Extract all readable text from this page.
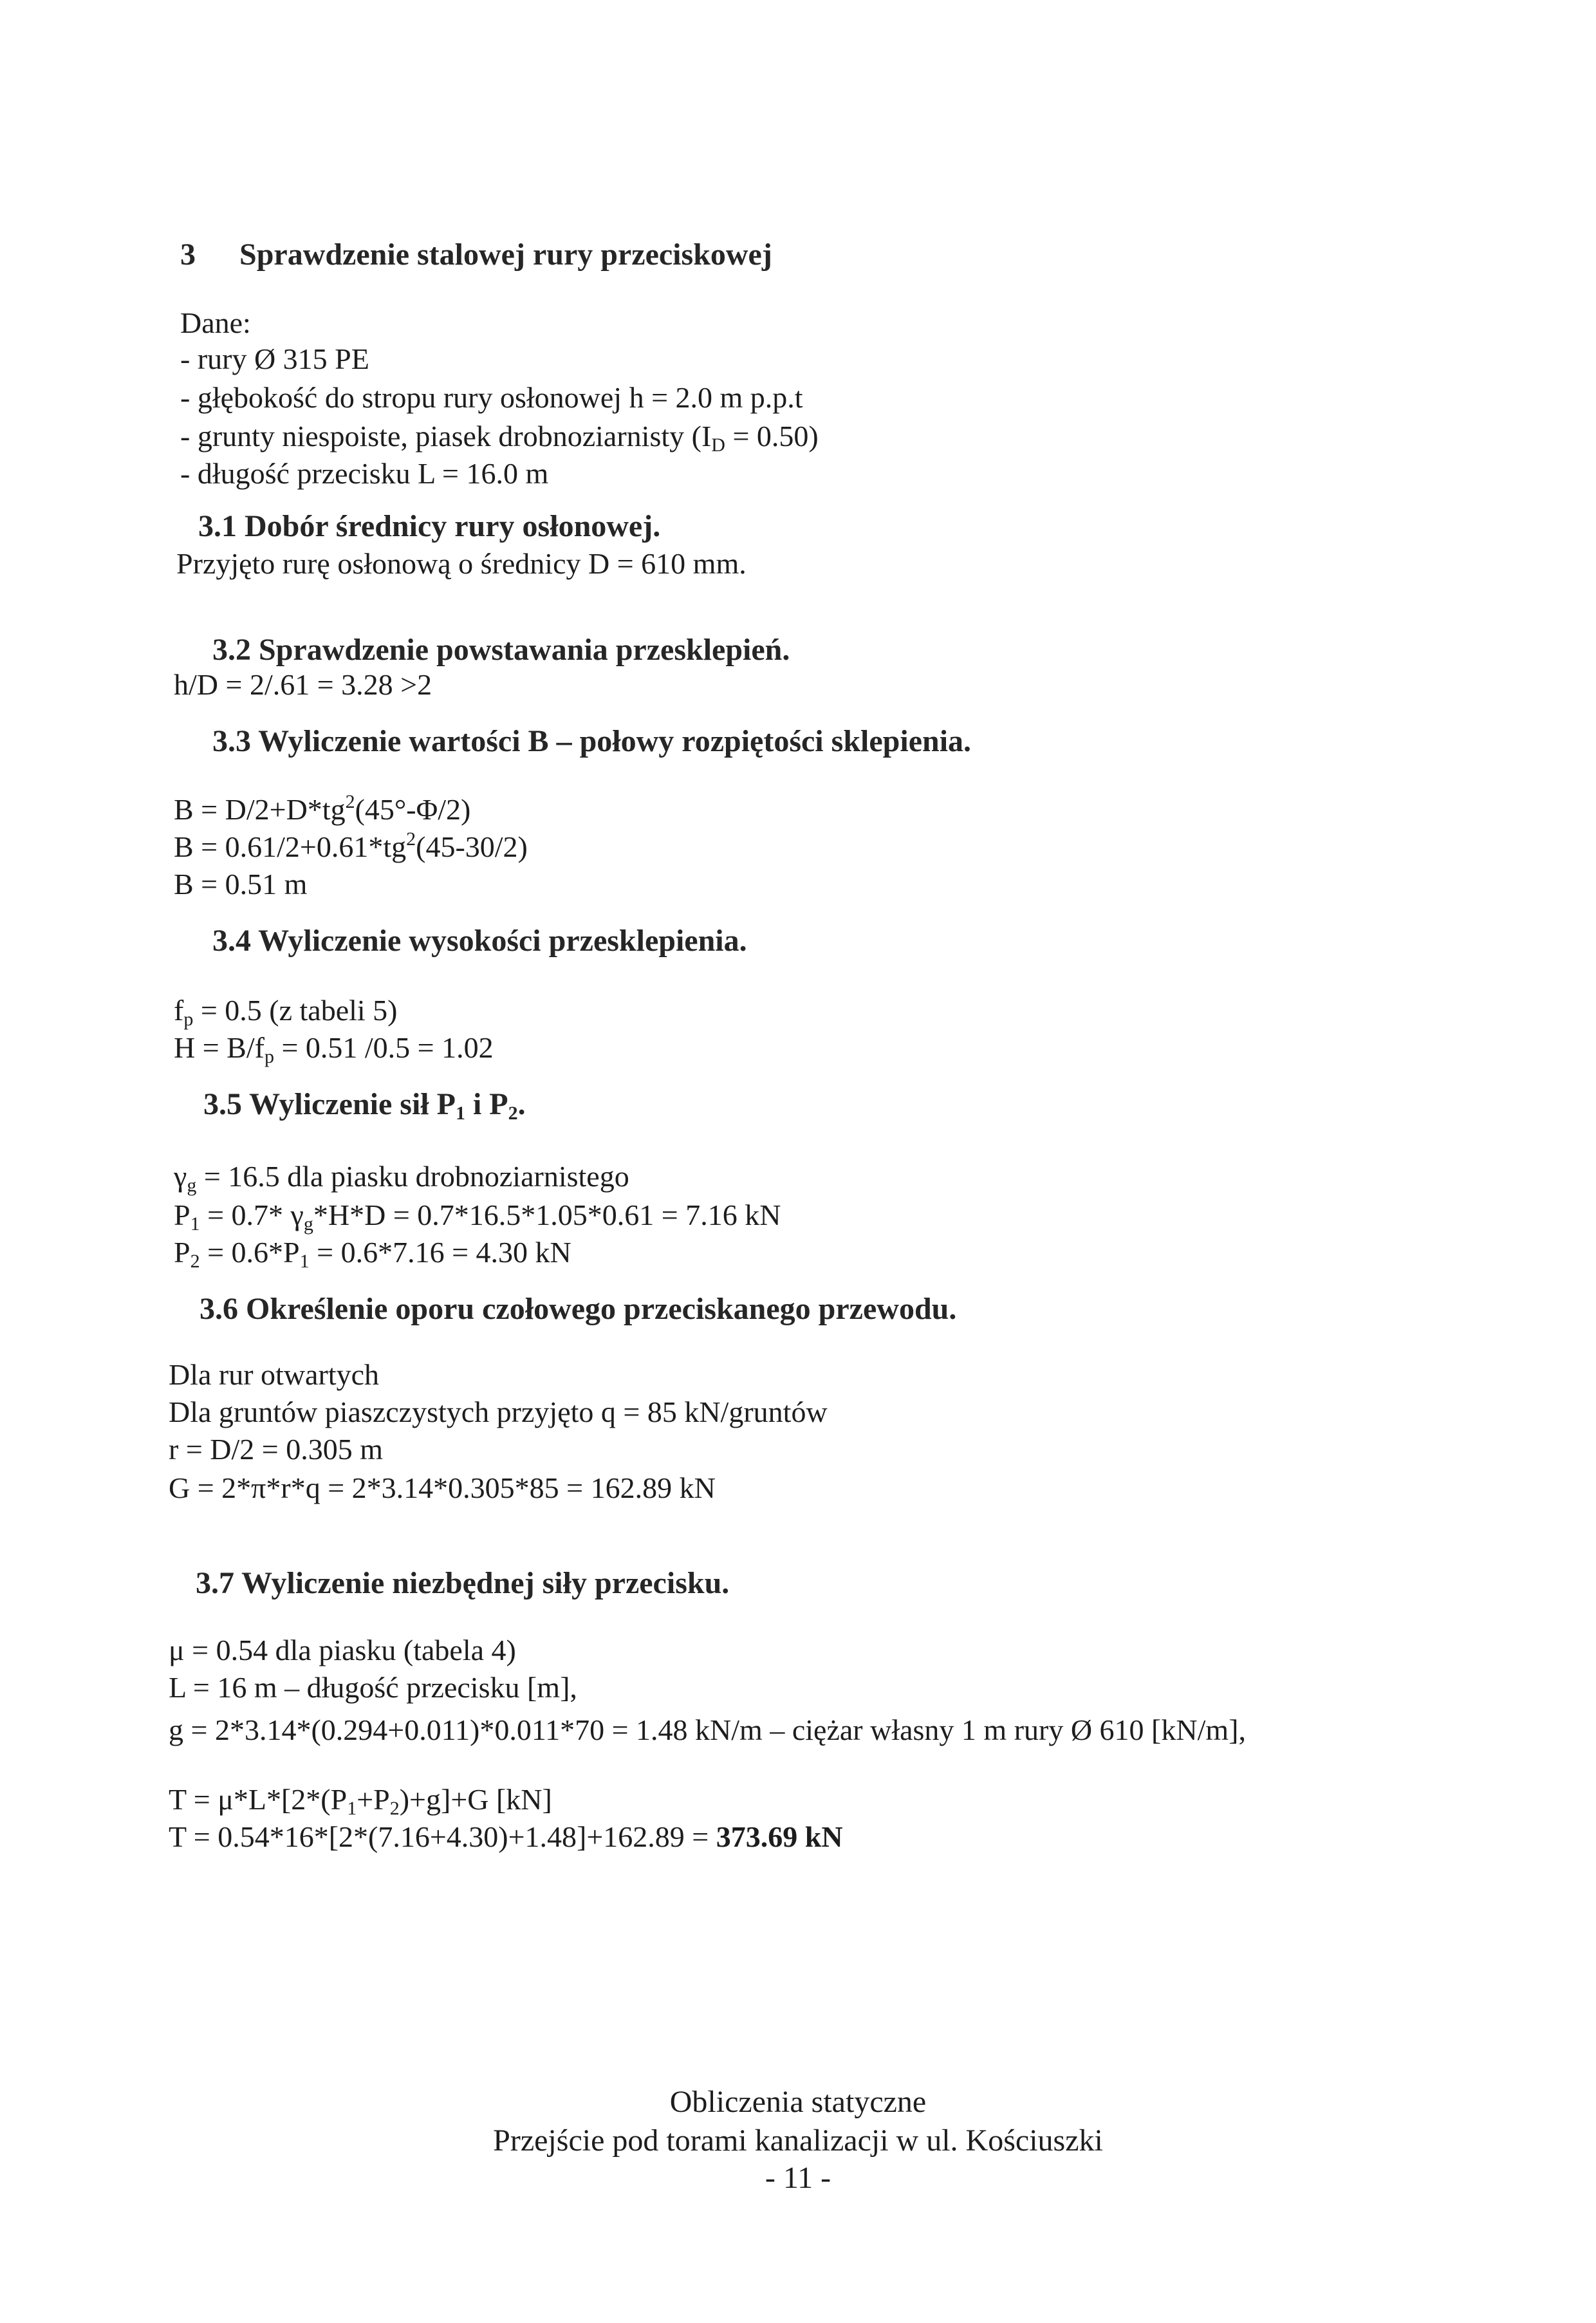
3 Sprawdzenie stalowej rury przeciskowej
Dane:
- rury Ø 315 PE
- głębokość do stropu rury osłonowej h = 2.0 m p.p.t
- grunty niespoiste, piasek drobnoziarnisty $(I_D = 0.50)$
- długość przecisku L = 16.0 m
3.1 Dobór średnicy rury osłonowej.
Przyjęto rurę osłonową o średnicy D = 610 mm.
3.2 Sprawdzenie powstawania przesklepień.
h/D = 2/.61 = 3.28 >2
3.3 Wyliczenie wartości B – połowy rozpiętości sklepienia.
$B = D/2+D*tg^2(45^\circ-\Phi/2)$
$B = 0.61/2+0.61*tg^2(45-30/2)$
B = 0.51 m
3.4 Wyliczenie wysokości przesklepienia.
$f_p = 0.5$ (z tabeli 5)
$H = B/f_p = 0.51$ /0.5 = 1.02
3.5 Wyliczenie sił $P_1$ i $P_2$.
$\gamma_g = 16.5$ dla piasku drobnoziarnistego
$P_1 = 0.7*$ $\gamma_g*H*D = 0.7*16.5*1.05*0.61 = 7.16$ kN
$P_2 = 0.6*P_1 = 0.6*7.16 = 4.30$ kN
3.6 Określenie oporu czołowego przeciskanego przewodu.
Dla rur otwartych
Dla gruntów piaszczystych przyjęto q = 85 kN/gruntów
r = D/2 = 0.305 m
G = 2*π*r*q = 2*3.14*0.305*85 = 162.89 kN
3.7 Wyliczenie niezbędnej siły przecisku.
μ = 0.54 dla piasku (tabela 4)
L = 16 m – długość przecisku [m],
g = 2*3.14*(0.294+0.011)*0.011*70 = 1.48 kN/m – ciężar własny 1 m rury Ø 610 [kN/m],
$T = \mu*L*[2*(P_1+P_2)+g]+G$ [kN]
T = 0.54*16*[2*(7.16+4.30)+1.48]+162.89 = 373.69 kN
Obliczenia statyczne
Przejście pod torami kanalizacji w ul. Kościuszki
- 11 -
